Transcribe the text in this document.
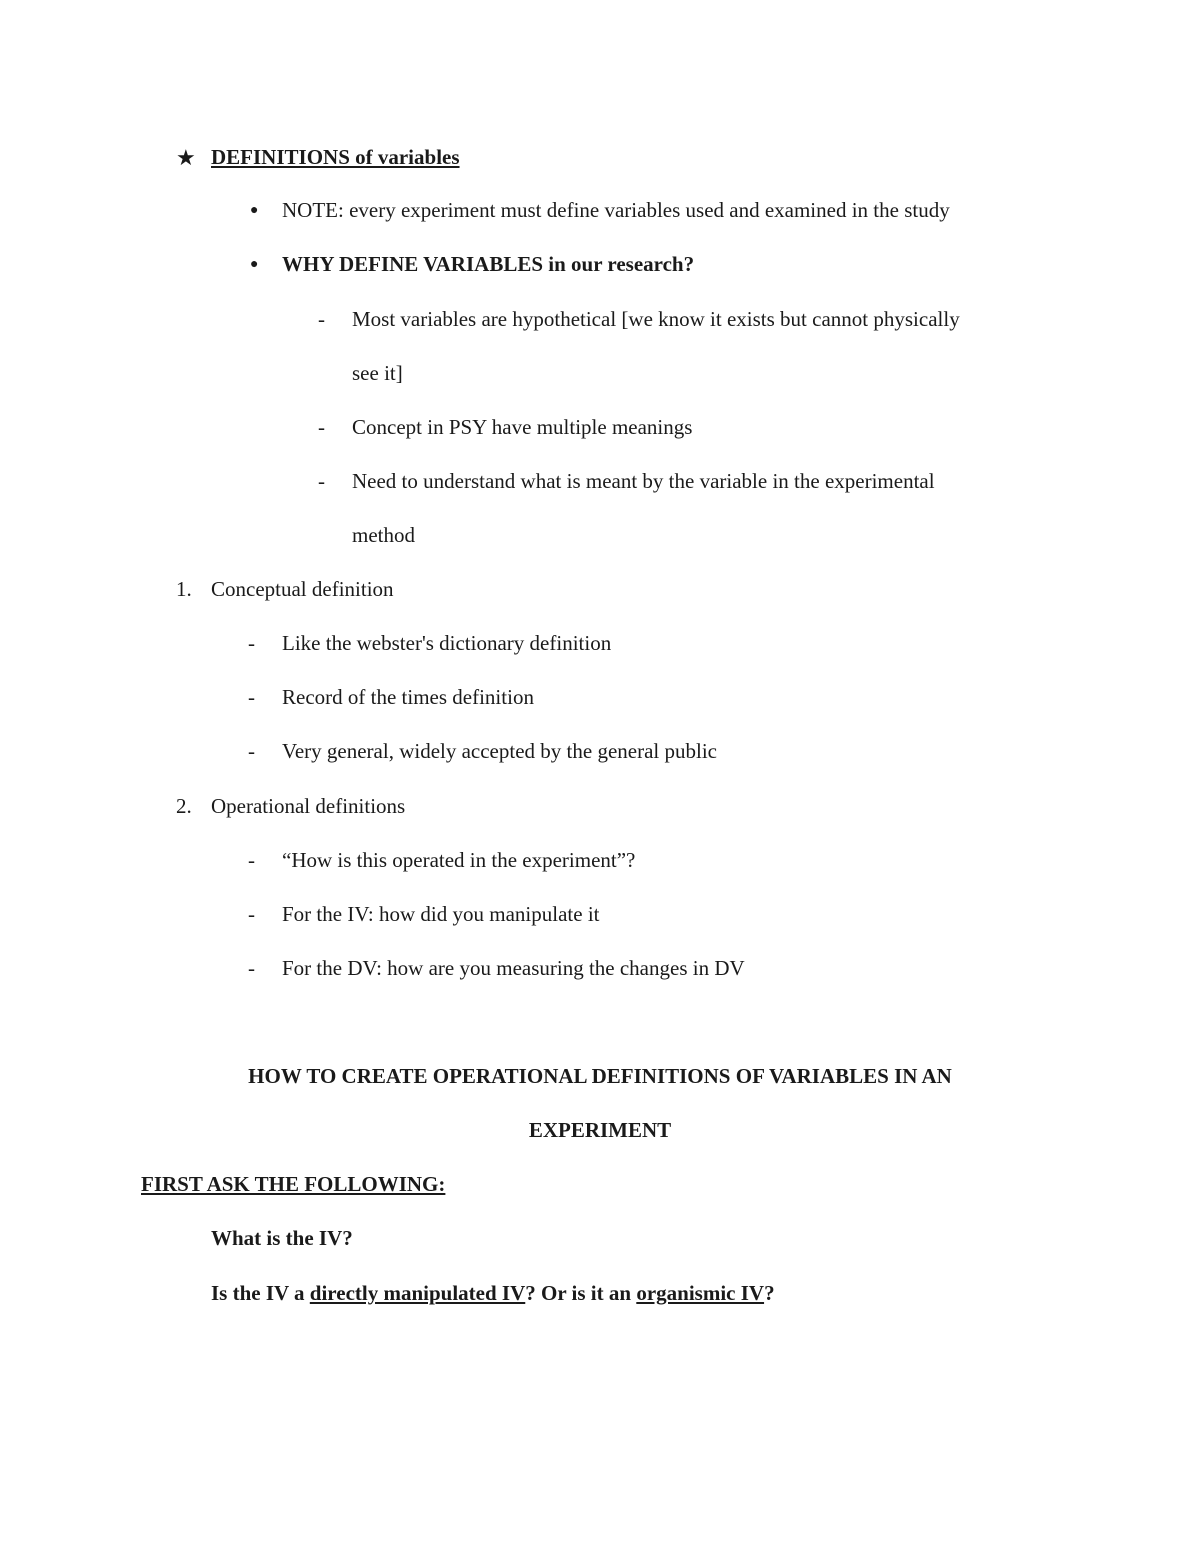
★ DEFINITIONS of variables
● NOTE: every experiment must define variables used and examined in the study
● WHY DEFINE VARIABLES in our research?
- Most variables are hypothetical [we know it exists but cannot physically
see it]
- Concept in PSY have multiple meanings
- Need to understand what is meant by the variable in the experimental
method
1. Conceptual definition
- Like the webster's dictionary definition
- Record of the times definition
- Very general, widely accepted by the general public
2. Operational definitions
- “How is this operated in the experiment”?
- For the IV: how did you manipulate it
- For the DV: how are you measuring the changes in DV
HOW TO CREATE OPERATIONAL DEFINITIONS OF VARIABLES IN AN
EXPERIMENT
FIRST ASK THE FOLLOWING:
What is the IV?
Is the IV a directly manipulated IV? Or is it an organismic IV?
